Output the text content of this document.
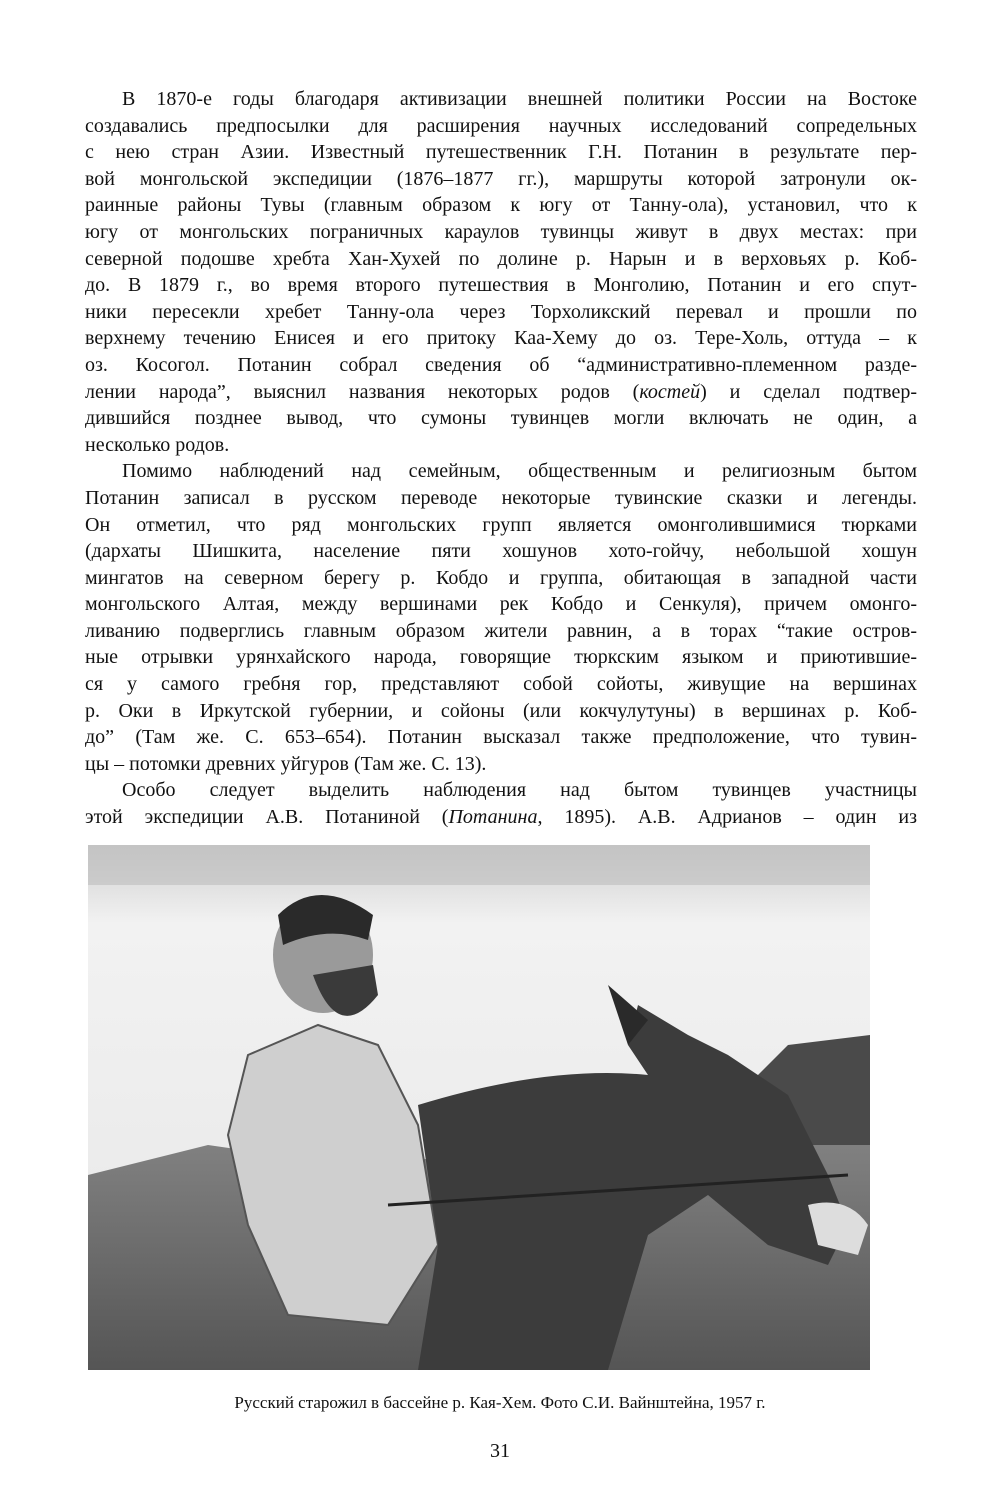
В 1870-е годы благодаря активизации внешней политики России на Востоке
создавались предпосылки для расширения научных исследований сопредельных
с нею стран Азии. Известный путешественник Г.Н. Потанин в результате пер-
вой монгольской экспедиции (1876–1877 гг.), маршруты которой затронули ок-
раинные районы Тувы (главным образом к югу от Танну-ола), установил, что к
югу от монгольских пограничных караулов тувинцы живут в двух местах: при
северной подошве хребта Хан-Хухей по долине р. Нарын и в верховьях р. Коб-
до. В 1879 г., во время второго путешествия в Монголию, Потанин и его спут-
ники пересекли хребет Танну-ола через Торхоликский перевал и прошли по
верхнему течению Енисея и его притоку Каа-Хему до оз. Тере-Холь, оттуда – к
оз. Косогол. Потанин собрал сведения об “административно-племенном разде-
лении народа”, выяснил названия некоторых родов (костей) и сделал подтвер-
дившийся позднее вывод, что сумоны тувинцев могли включать не один, а
несколько родов.
Помимо наблюдений над семейным, общественным и религиозным бытом
Потанин записал в русском переводе некоторые тувинские сказки и легенды.
Он отметил, что ряд монгольских групп является омонголившимися тюрками
(дархаты Шишкита, население пяти хошунов хото-гойчу, небольшой хошун
мингатов на северном берегу р. Кобдо и группа, обитающая в западной части
монгольского Алтая, между вершинами рек Кобдо и Сенкуля), причем омонго-
ливанию подверглись главным образом жители равнин, а в торах “такие остров-
ные отрывки урянхайского народа, говорящие тюркским языком и приютившие-
ся у самого гребня гор, представляют собой сойоты, живущие на вершинах
р. Оки в Иркутской губернии, и сойоны (или кокчулутуны) в вершинах р. Коб-
до” (Там же. С. 653–654). Потанин высказал также предположение, что тувин-
цы – потомки древних уйгуров (Там же. С. 13).
Особо следует выделить наблюдения над бытом тувинцев участницы
этой экспедиции А.В. Потаниной (Потанина, 1895). А.В. Адрианов – один из
Русский старожил в бассейне р. Кая-Хем. Фото С.И. Вайнштейна, 1957 г.
31
